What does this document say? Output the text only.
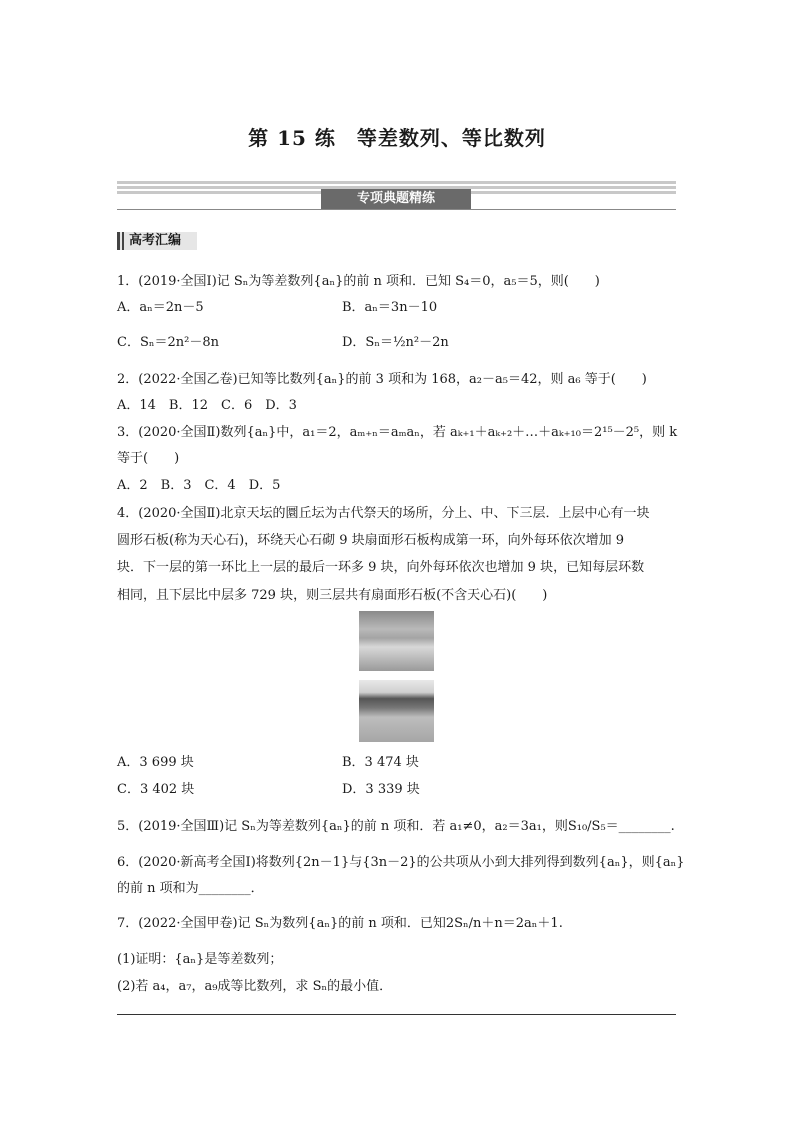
第 15 练　等差数列、等比数列
专项典题精练
高考汇编
1．(2019·全国Ⅰ)记 Sₙ为等差数列{aₙ}的前 n 项和．已知 S₄＝0，a₅＝5，则(　　)
A．aₙ＝2n－5	B．aₙ＝3n－10
C．Sₙ＝2n²－8n	D．Sₙ＝½n²－2n
2．(2022·全国乙卷)已知等比数列{aₙ}的前 3 项和为 168，a₂－a₅＝42，则 a₆ 等于(　　)
A．14　B．12　C．6　D．3
3．(2020·全国Ⅱ)数列{aₙ}中，a₁＝2，aₘ₊ₙ＝aₘaₙ，若 aₖ₊₁＋aₖ₊₂＋…＋aₖ₊₁₀＝2¹⁵－2⁵，则 k
等于(　　)
A．2　B．3　C．4　D．5
4．(2020·全国Ⅱ)北京天坛的圜丘坛为古代祭天的场所，分上、中、下三层．上层中心有一块
圆形石板(称为天心石)，环绕天心石砌 9 块扇面形石板构成第一环，向外每环依次增加 9
块．下一层的第一环比上一层的最后一环多 9 块，向外每环依次也增加 9 块，已知每层环数
相同，且下层比中层多 729 块，则三层共有扇面形石板(不含天心石)(　　)
A．3 699 块	B．3 474 块
C．3 402 块	D．3 339 块
5．(2019·全国Ⅲ)记 Sₙ为等差数列{aₙ}的前 n 项和．若 a₁≠0，a₂＝3a₁，则S₁₀/S₅＝________.
6．(2020·新高考全国Ⅰ)将数列{2n－1}与{3n－2}的公共项从小到大排列得到数列{aₙ}，则{aₙ}
的前 n 项和为________．
7．(2022·全国甲卷)记 Sₙ为数列{aₙ}的前 n 项和．已知2Sₙ/n＋n＝2aₙ＋1.
(1)证明：{aₙ}是等差数列；
(2)若 a₄，a₇，a₉成等比数列，求 Sₙ的最小值．
